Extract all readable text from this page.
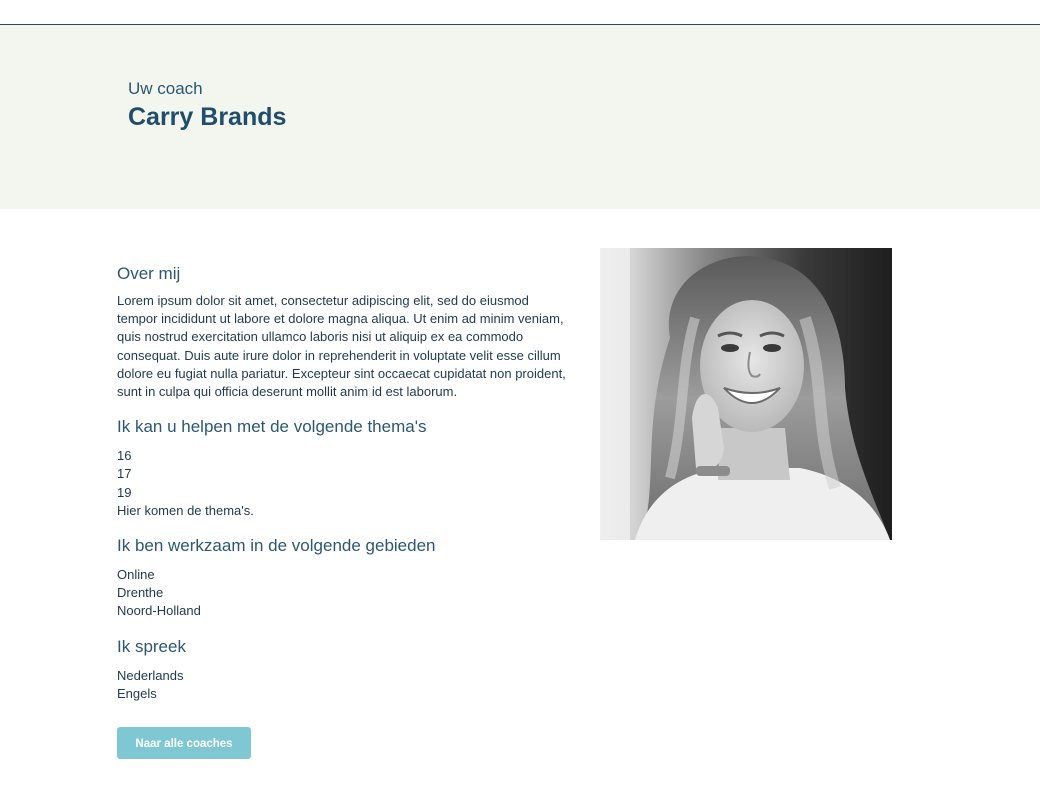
Uw coach

Carry Brands
Over mij

Lorem ipsum dolor sit amet, consectetur adipiscing elit, sed do eiusmod tempor incididunt ut labore et dolore magna aliqua. Ut enim ad minim veniam, quis nostrud exercitation ullamco laboris nisi ut aliquip ex ea commodo consequat. Duis aute irure dolor in reprehenderit in voluptate velit esse cillum dolore eu fugiat nulla pariatur. Excepteur sint occaecat cupidatat non proident, sunt in culpa qui officia deserunt mollit anim id est laborum.

Ik kan u helpen met de volgende thema's
16
17
19
Hier komen de thema's.
Ik ben werkzaam in de volgende gebieden
Online
Drenthe
Noord-Holland
Ik spreek
Nederlands
Engels
Naar alle coaches
